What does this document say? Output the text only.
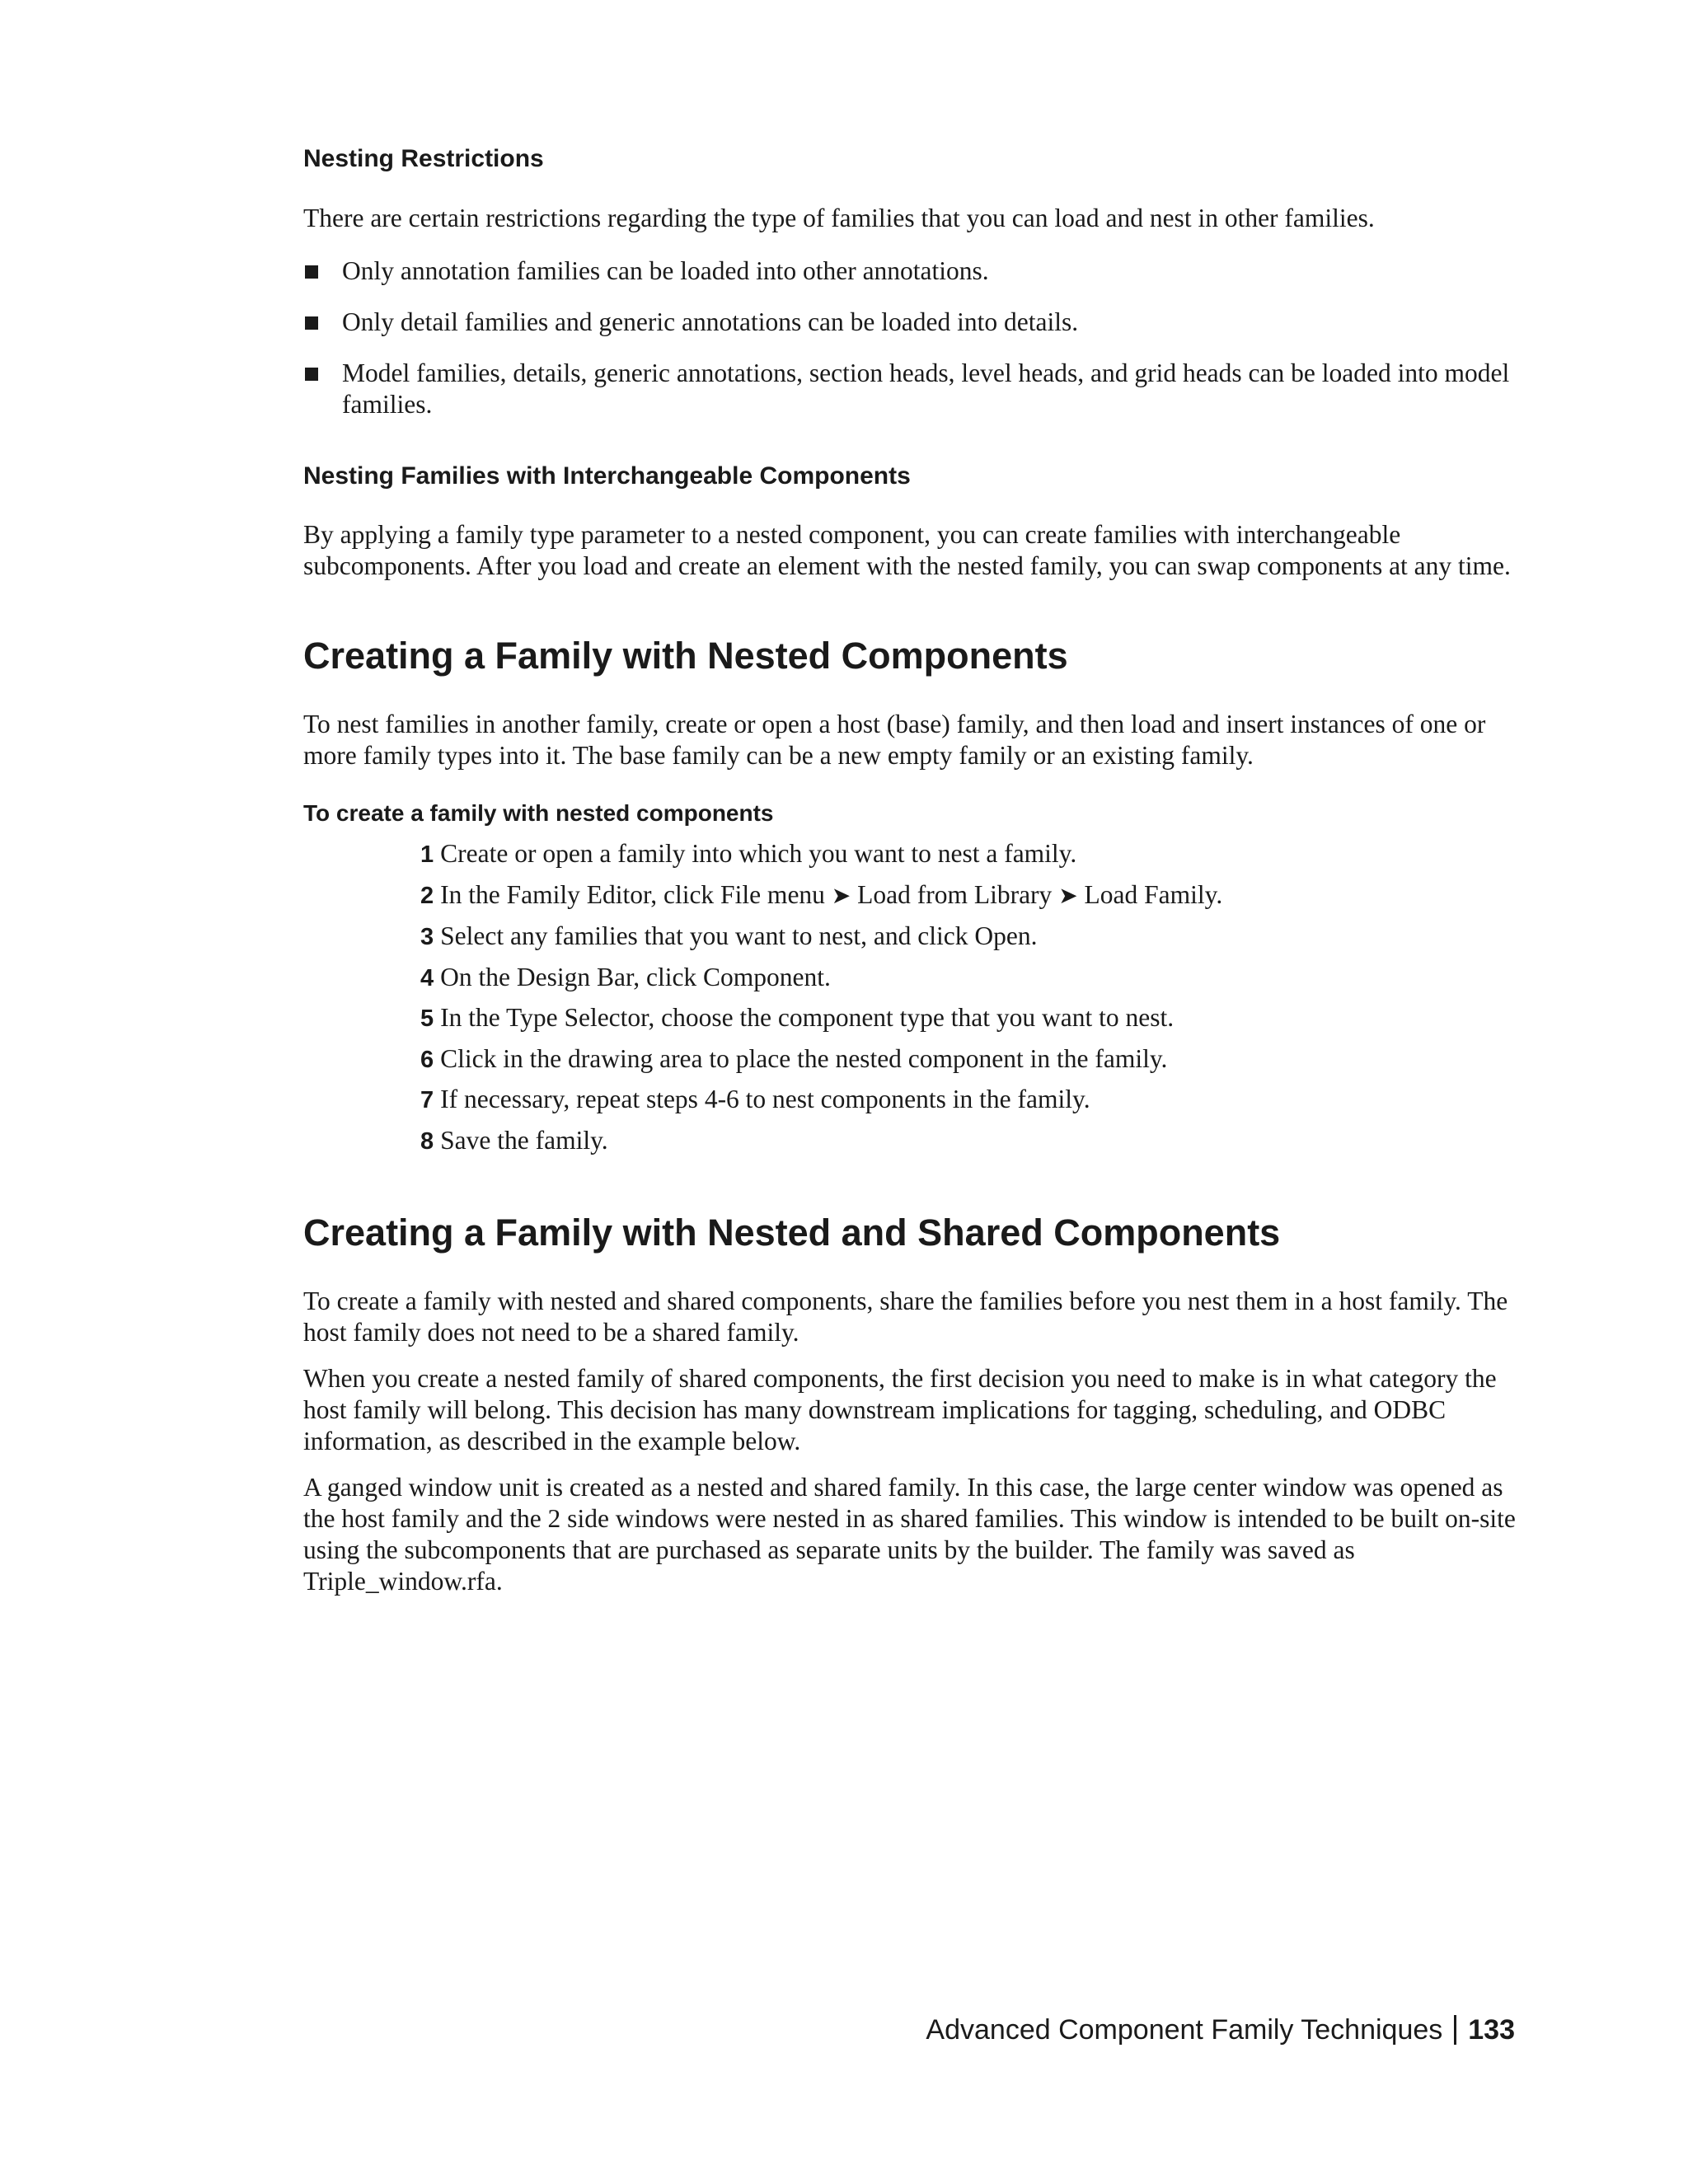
Nesting Restrictions

There are certain restrictions regarding the type of families that you can load and nest in other families.

Only annotation families can be loaded into other annotations.
Only detail families and generic annotations can be loaded into details.
Model families, details, generic annotations, section heads, level heads, and grid heads can be loaded into model families.
Nesting Families with Interchangeable Components

By applying a family type parameter to a nested component, you can create families with interchangeable subcomponents. After you load and create an element with the nested family, you can swap components at any time.

Creating a Family with Nested Components

To nest families in another family, create or open a host (base) family, and then load and insert instances of one or more family types into it. The base family can be a new empty family or an existing family.

To create a family with nested components
1 Create or open a family into which you want to nest a family.
2 In the Family Editor, click File menu ➤ Load from Library ➤ Load Family.
3 Select any families that you want to nest, and click Open.
4 On the Design Bar, click Component.
5 In the Type Selector, choose the component type that you want to nest.
6 Click in the drawing area to place the nested component in the family.
7 If necessary, repeat steps 4-6 to nest components in the family.
8 Save the family.
Creating a Family with Nested and Shared Components

To create a family with nested and shared components, share the families before you nest them in a host family. The host family does not need to be a shared family.

When you create a nested family of shared components, the first decision you need to make is in what category the host family will belong. This decision has many downstream implications for tagging, scheduling, and ODBC information, as described in the example below.

A ganged window unit is created as a nested and shared family. In this case, the large center window was opened as the host family and the 2 side windows were nested in as shared families. This window is intended to be built on-site using the subcomponents that are purchased as separate units by the builder. The family was saved as Triple_window.rfa.

Advanced Component Family Techniques 133
